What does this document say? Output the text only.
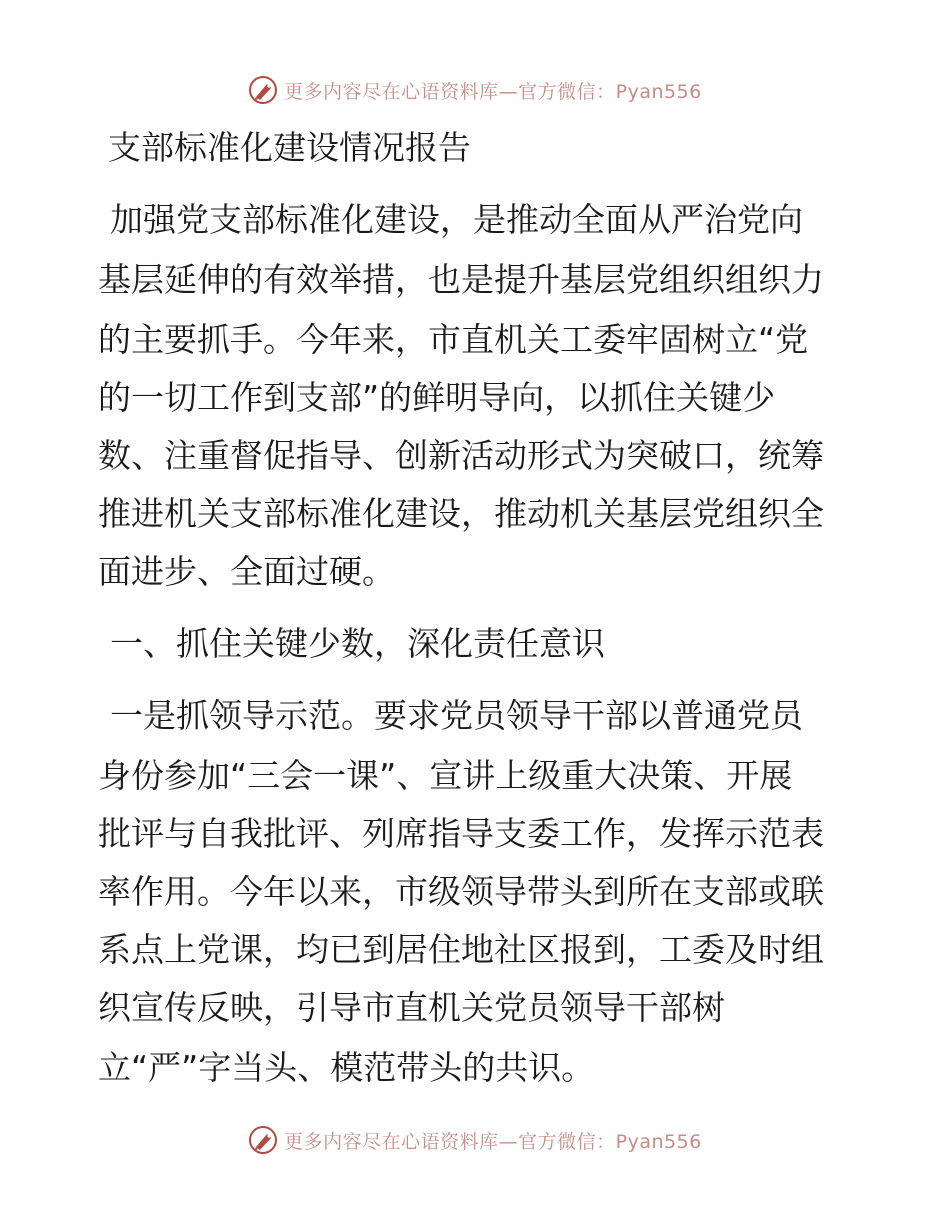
更多内容尽在心语资料库—官方微信：Pyan556
支部标准化建设情况报告

加强党支部标准化建设，是推动全面从严治党向

基层延伸的有效举措，也是提升基层党组织组织力

的主要抓手。今年来，市直机关工委牢固树立“党

的一切工作到支部”的鲜明导向，以抓住关键少

数、注重督促指导、创新活动形式为突破口，统筹

推进机关支部标准化建设，推动机关基层党组织全

面进步、全面过硬。

一、抓住关键少数，深化责任意识

一是抓领导示范。要求党员领导干部以普通党员

身份参加“三会一课”、宣讲上级重大决策、开展

批评与自我批评、列席指导支委工作，发挥示范表

率作用。今年以来，市级领导带头到所在支部或联

系点上党课，均已到居住地社区报到，工委及时组

织宣传反映，引导市直机关党员领导干部树

立“严”字当头、模范带头的共识。

更多内容尽在心语资料库—官方微信：Pyan556
